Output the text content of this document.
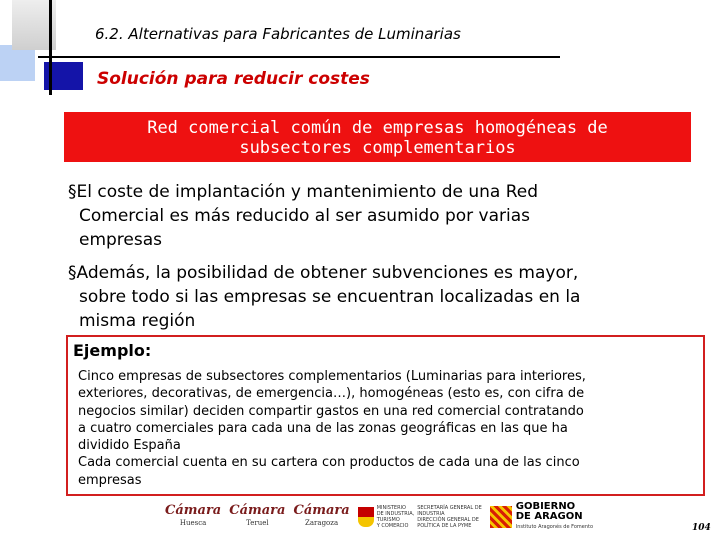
6.2. Alternativas para Fabricantes de Luminarias
Solución para reducir costes
Red comercial común de empresas homogéneas de
subsectores complementarios
§El coste de implantación y mantenimiento de una Red
Comercial es más reducido al ser asumido por varias
empresas
§Además, la posibilidad de obtener subvenciones es mayor,
sobre todo si las empresas se encuentran localizadas en la
misma región
Ejemplo:
Cinco empresas de subsectores complementarios (Luminarias para interiores,
exteriores, decorativas, de emergencia…), homogéneas (esto es, con cifra de
negocios similar) deciden compartir gastos en una red comercial contratando
a cuatro comerciales para cada una de las zonas geográficas en las que ha
dividido España
Cada comercial cuenta en su cartera con productos de cada una de las cinco
empresas
Cámara
Huesca
Cámara
Teruel
Cámara
Zaragoza
MINISTERIO
DE INDUSTRIA,
TURISMO
Y COMERCIO
SECRETARÍA GENERAL DE
INDUSTRIA
DIRECCIÓN GENERAL DE
POLÍTICA DE LA PYME
GOBIERNO
DE ARAGON
Instituto Aragonés de Fomento	104
